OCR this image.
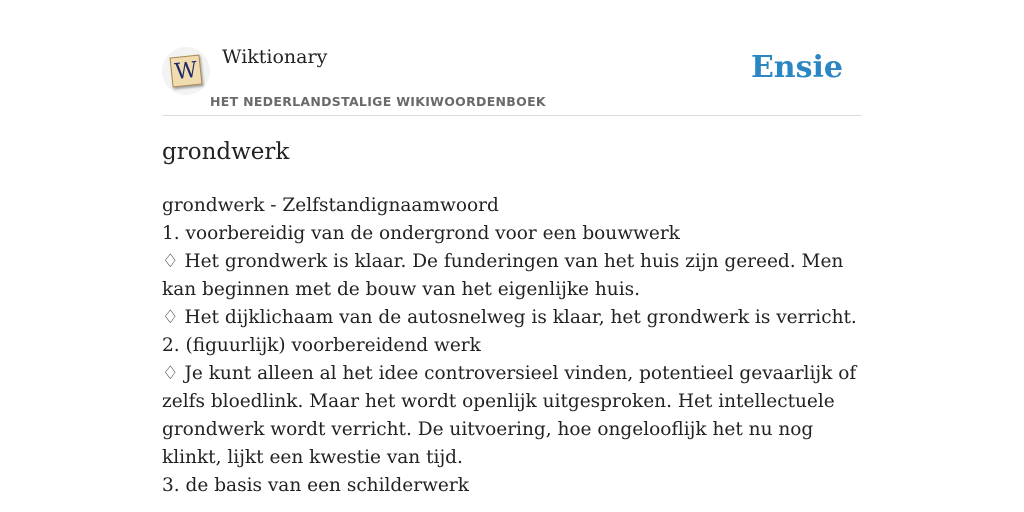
W
Wiktionary
HET NEDERLANDSTALIGE WIKIWOORDENBOEK
Ensie
grondwerk
grondwerk - Zelfstandignaamwoord
1. voorbereidig van de ondergrond voor een bouwwerk
♢ Het grondwerk is klaar. De funderingen van het huis zijn gereed. Men kan beginnen met de bouw van het eigenlijke huis.
♢ Het dijklichaam van de autosnelweg is klaar, het grondwerk is verricht.
2. (figuurlijk) voorbereidend werk
♢ Je kunt alleen al het idee controversieel vinden, potentieel gevaarlijk of zelfs bloedlink. Maar het wordt openlijk uitgesproken. Het intellectuele grondwerk wordt verricht. De uitvoering, hoe ongelooflijk het nu nog klinkt, lijkt een kwestie van tijd.
3. de basis van een schilderwerk
